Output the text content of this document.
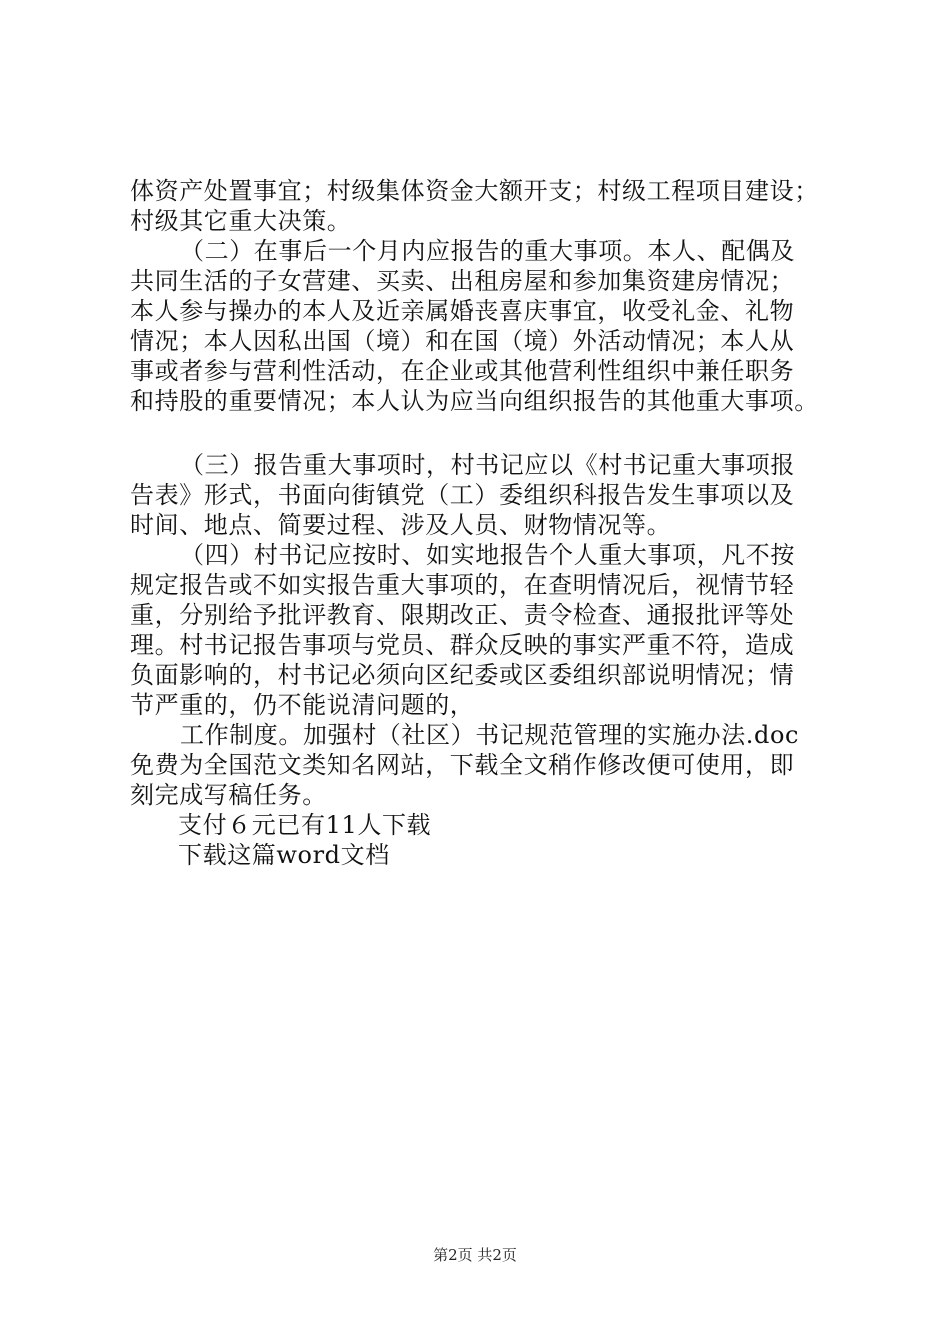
体资产处置事宜；村级集体资金大额开支；村级工程项目建设；
村级其它重大决策。
（二）在事后一个月内应报告的重大事项。本人、配偶及
共同生活的子女营建、买卖、出租房屋和参加集资建房情况；
本人参与操办的本人及近亲属婚丧喜庆事宜，收受礼金、礼物
情况；本人因私出国（境）和在国（境）外活动情况；本人从
事或者参与营利性活动，在企业或其他营利性组织中兼任职务
和持股的重要情况；本人认为应当向组织报告的其他重大事项。
（三）报告重大事项时，村书记应以《村书记重大事项报
告表》形式，书面向街镇党（工）委组织科报告发生事项以及
时间、地点、简要过程、涉及人员、财物情况等。
（四）村书记应按时、如实地报告个人重大事项，凡不按
规定报告或不如实报告重大事项的，在查明情况后，视情节轻
重，分别给予批评教育、限期改正、责令检查、通报批评等处
理。村书记报告事项与党员、群众反映的事实严重不符，造成
负面影响的，村书记必须向区纪委或区委组织部说明情况；情
节严重的，仍不能说清问题的，
工作制度。加强村（社区）书记规范管理的实施办法.doc
免费为全国范文类知名网站，下载全文稍作修改便可使用，即
刻完成写稿任务。
支付６元已有11人下载
下载这篇word文档
第2页 共2页
